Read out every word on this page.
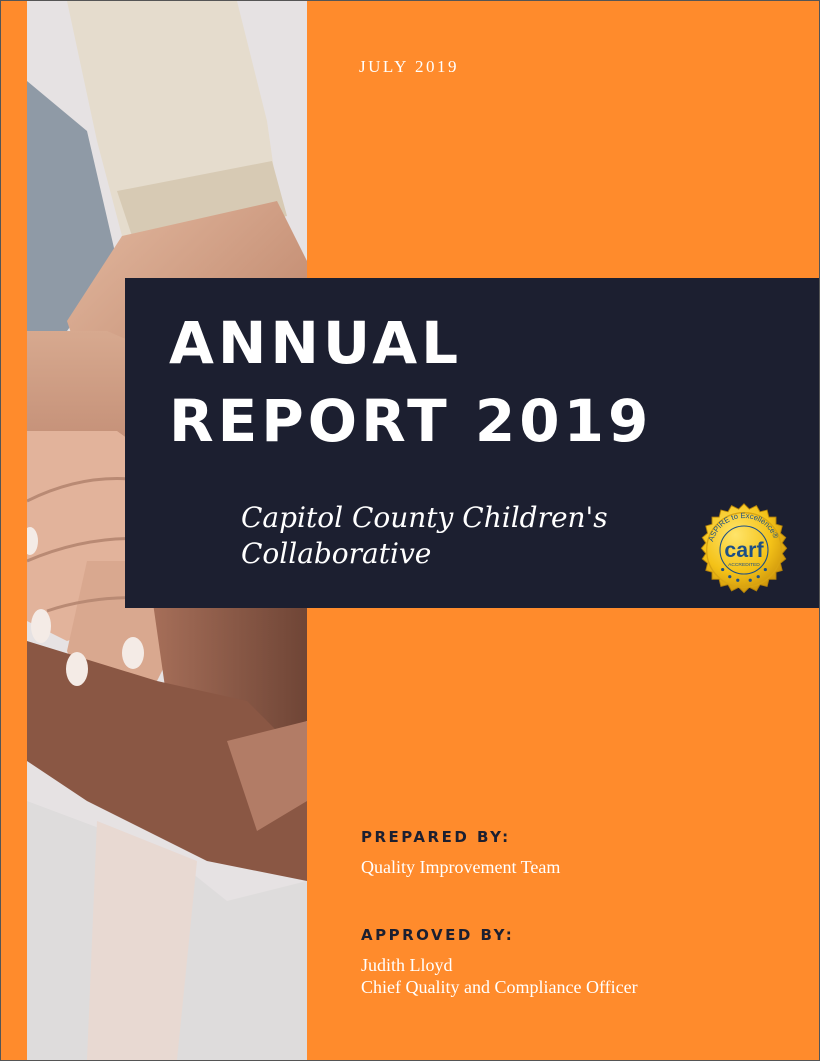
JULY 2019

ANNUAL
REPORT 2019

Capitol County Children's Collaborative	ASPIRE to Excellence®
carf
ACCREDITED

PREPARED BY:

Quality Improvement Team

APPROVED BY:

Judith Lloyd

Chief Quality and Compliance Officer
